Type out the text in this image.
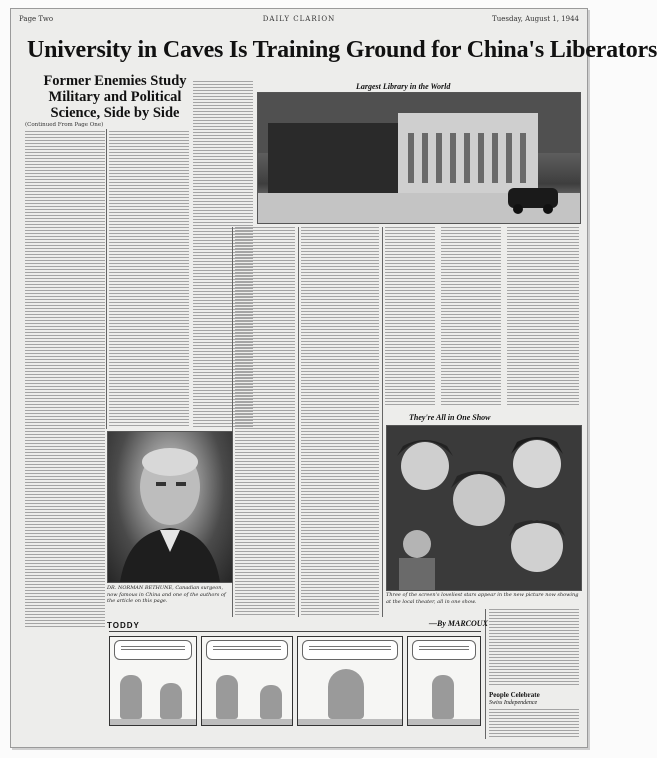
Page Two	DAILY CLARION	Tuesday, August 1, 1944
University in Caves Is Training Ground for China's Liberators
Former Enemies Study Military and Political Science, Side by Side
(Continued From Page One)
Largest Library in the World
DR. NORMAN BETHUNE, Canadian surgeon, now famous in China and one of the authors of the article on this page.
They're All in One Show
Three of the screen's loveliest stars appear in the new picture now showing at the local theater, all in one show.
TODDY	—By MARCOUX
People Celebrate
Swiss Independence
